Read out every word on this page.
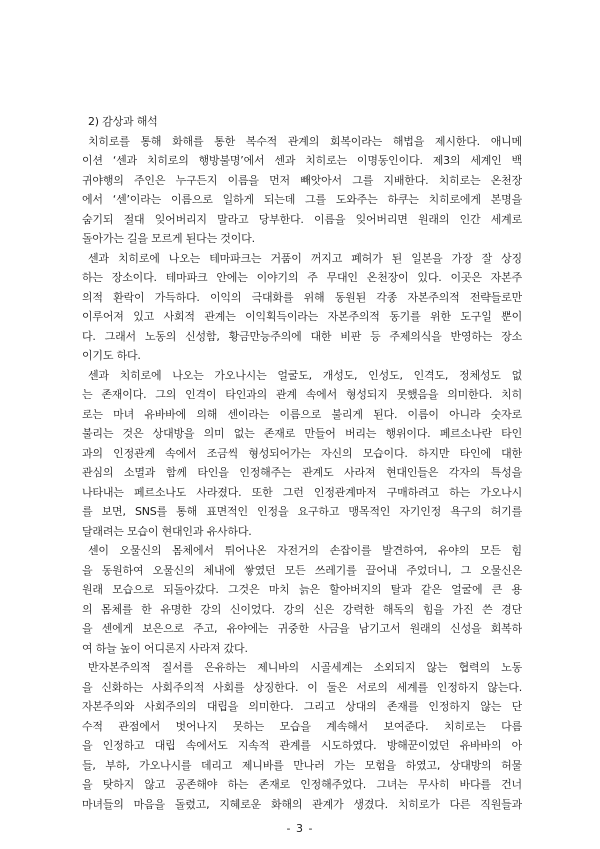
2) 감상과 해석
치히로를 통해 화해를 통한 복수적 관계의 회복이라는 해법을 제시한다. 애니메
이션 ‘센과 치히로의 행방불명’에서 센과 치히로는 이명동인이다. 제3의 세계인 백
귀야행의 주인은 누구든지 이름을 먼저 빼앗아서 그를 지배한다. 치히로는 온천장
에서 ‘센’이라는 이름으로 일하게 되는데 그를 도와주는 하쿠는 치히로에게 본명을
숨기되 절대 잊어버리지 말라고 당부한다. 이름을 잊어버리면 원래의 인간 세계로
돌아가는 길을 모르게 된다는 것이다.
센과 치히로에 나오는 테마파크는 거품이 꺼지고 폐허가 된 일본을 가장 잘 상징
하는 장소이다. 테마파크 안에는 이야기의 주 무대인 온천장이 있다. 이곳은 자본주
의적 환락이 가득하다. 이익의 극대화를 위해 동원된 각종 자본주의적 전략들로만
이루어져 있고 사회적 관계는 이익획득이라는 자본주의적 동기를 위한 도구일 뿐이
다. 그래서 노동의 신성함, 황금만능주의에 대한 비판 등 주제의식을 반영하는 장소
이기도 하다.
센과 치히로에 나오는 가오나시는 얼굴도, 개성도, 인성도, 인격도, 정체성도 없
는 존재이다. 그의 인격이 타인과의 관계 속에서 형성되지 못했음을 의미한다. 치히
로는 마녀 유바바에 의해 센이라는 이름으로 불리게 된다. 이름이 아니라 숫자로
불리는 것은 상대방을 의미 없는 존재로 만들어 버리는 행위이다. 페르소나란 타인
과의 인정관계 속에서 조금씩 형성되어가는 자신의 모습이다. 하지만 타인에 대한
관심의 소멸과 함께 타인을 인정해주는 관계도 사라져 현대인들은 각자의 특성을
나타내는 페르소나도 사라졌다. 또한 그런 인정관계마저 구매하려고 하는 가오나시
를 보면, SNS를 통해 표면적인 인정을 요구하고 맹목적인 자기인정 욕구의 허기를
달래려는 모습이 현대인과 유사하다.
센이 오물신의 몸체에서 튀어나온 자전거의 손잡이를 발견하여, 유야의 모든 힘
을 동원하여 오물신의 체내에 쌓였던 모든 쓰레기를 끌어내 주었더니, 그 오물신은
원래 모습으로 되돌아갔다. 그것은 마치 늙은 할아버지의 탈과 같은 얼굴에 큰 용
의 몸체를 한 유명한 강의 신이었다. 강의 신은 강력한 해독의 힘을 가진 쓴 경단
을 센에게 보은으로 주고, 유야에는 귀중한 사금을 남기고서 원래의 신성을 회복하
여 하늘 높이 어디론지 사라져 갔다.
반자본주의적 질서를 은유하는 제니바의 시골세계는 소외되지 않는 협력의 노동
을 신화하는 사회주의적 사회를 상징한다. 이 둘은 서로의 세계를 인정하지 않는다.
자본주의와 사회주의의 대립을 의미한다. 그리고 상대의 존재를 인정하지 않는 단
수적 관점에서 벗어나지 못하는 모습을 계속해서 보여준다. 치히로는 다름
을 인정하고 대립 속에서도 지속적 관계를 시도하였다. 방해꾼이었던 유바바의 아
들, 부하, 가오나시를 데리고 제니바를 만나러 가는 모험을 하였고, 상대방의 허물
을 탓하지 않고 공존해야 하는 존재로 인정해주었다. 그녀는 무사히 바다를 건너
마녀들의 마음을 돌렸고, 지혜로운 화해의 관계가 생겼다. 치히로가 다른 직원들과
- 3 -
